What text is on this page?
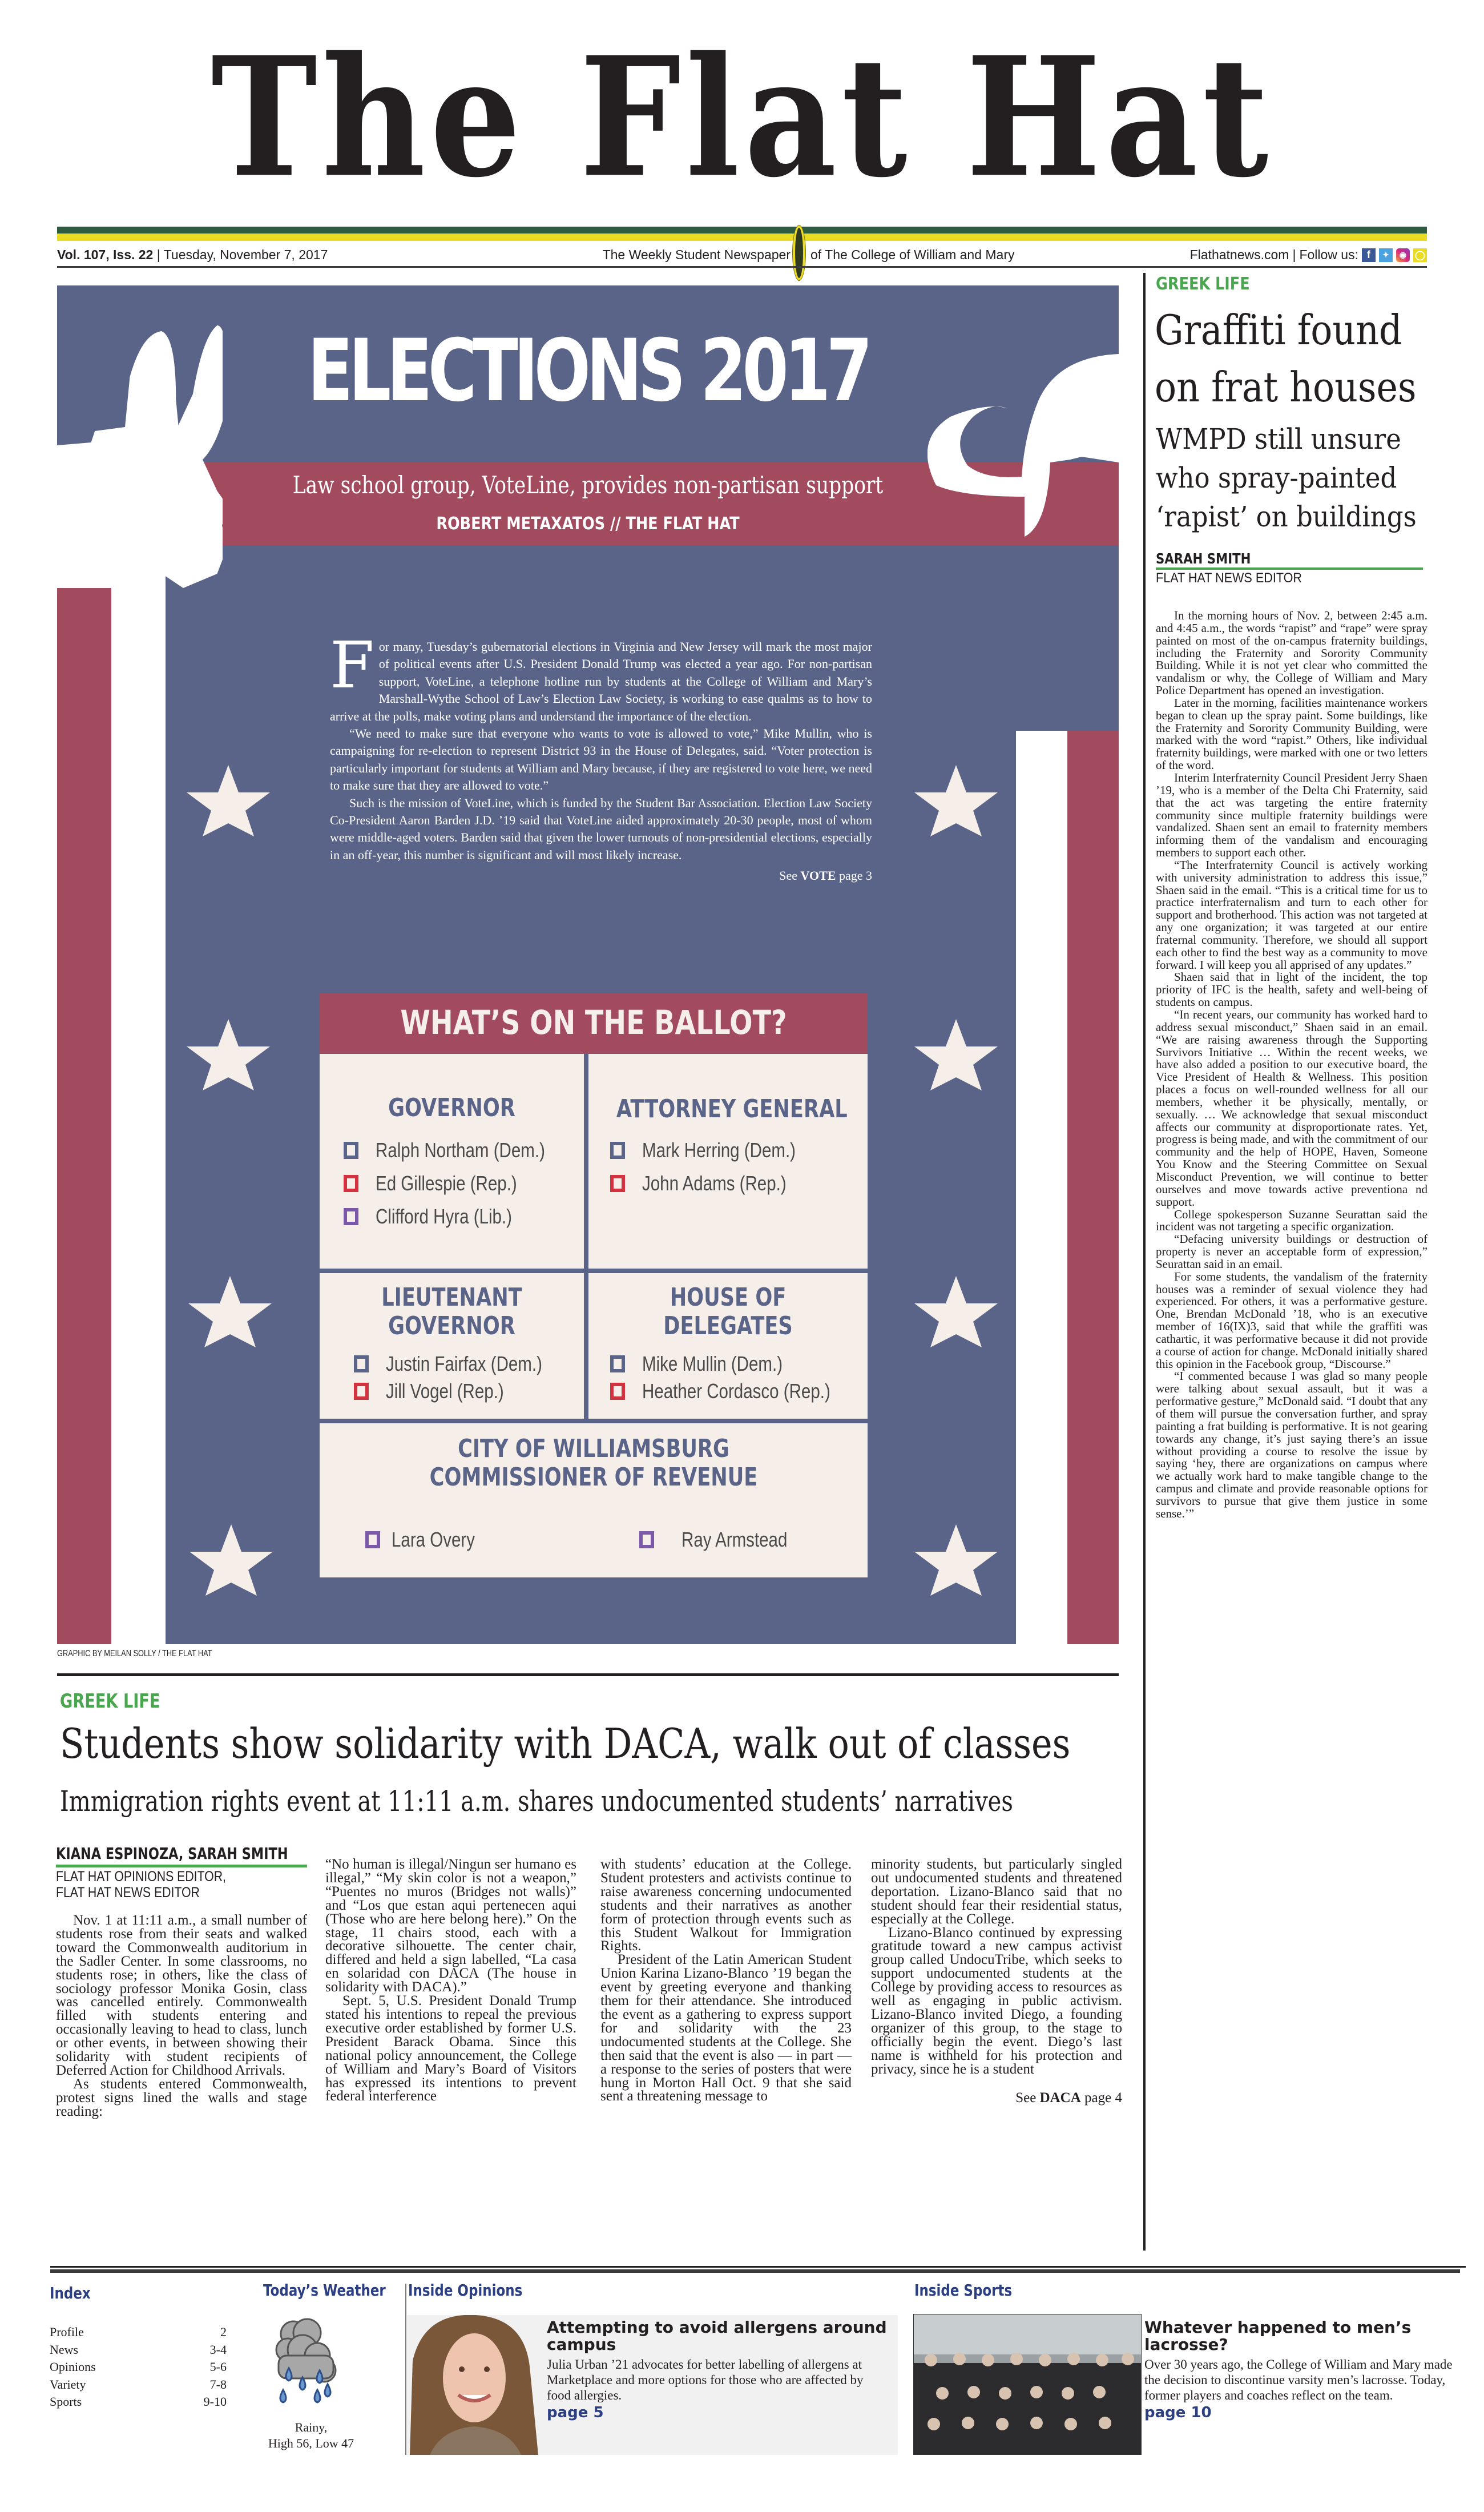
The Flat Hat
Vol. 107, Iss. 22 | Tuesday, November 7, 2017	The Weekly Student Newspaper of The College of William and Mary	Flathatnews.com | Follow us: f	✦	◉ ◯
ELECTIONS 2017
Law school group, VoteLine, provides non-partisan support
ROBERT METAXATOS // THE FLAT HAT

For many, Tuesday’s gubernatorial elections in Virginia and New Jersey will mark the most major of political events after U.S. President Donald Trump was elected a year ago. For non-partisan support, VoteLine, a telephone hotline run by students at the College of William and Mary’s Marshall-Wythe School of Law’s Election Law Society, is working to ease qualms as to how to arrive at the polls, make voting plans and understand the importance of the election.

“We need to make sure that everyone who wants to vote is allowed to vote,” Mike Mullin, who is campaigning for re-election to represent District 93 in the House of Delegates, said. “Voter protection is particularly important for students at William and Mary because, if they are registered to vote here, we need to make sure that they are allowed to vote.”

Such is the mission of VoteLine, which is funded by the Student Bar Association. Election Law Society Co-President Aaron Barden J.D. ’19 said that VoteLine aided approximately 20-30 people, most of whom were middle-aged voters. Barden said that given the lower turnouts of non-presidential elections, especially in an off-year, this number is significant and will most likely increase.

See VOTE page 3
WHAT’S ON THE BALLOT?
GOVERNOR
Ralph Northam (Dem.)
Ed Gillespie (Rep.)
Clifford Hyra (Lib.)
ATTORNEY GENERAL
Mark Herring (Dem.)
John Adams (Rep.)
LIEUTENANT
GOVERNOR
Justin Fairfax (Dem.)
Jill Vogel (Rep.)
HOUSE OF
DELEGATES
Mike Mullin (Dem.)
Heather Cordasco (Rep.)
CITY OF WILLIAMSBURG
COMMISSIONER OF REVENUE
Lara Overy	Ray Armstead
GRAPHIC BY MEILAN SOLLY / THE FLAT HAT
GREEK LIFE
Students show solidarity with DACA, walk out of classes
Immigration rights event at 11:11 a.m. shares undocumented students’ narratives
KIANA ESPINOZA, SARAH SMITH
FLAT HAT OPINIONS EDITOR,
FLAT HAT NEWS EDITOR

Nov. 1 at 11:11 a.m., a small number of students rose from their seats and walked toward the Commonwealth auditorium in the Sadler Center. In some classrooms, no students rose; in others, like the class of sociology professor Monika Gosin, class was cancelled entirely. Commonwealth filled with students entering and occasionally leaving to head to class, lunch or other events, in between showing their solidarity with student recipients of Deferred Action for Childhood Arrivals.

As students entered Commonwealth, protest signs lined the walls and stage reading:

“No human is illegal/Ningun ser humano es illegal,” “My skin color is not a weapon,” “Puentes no muros (Bridges not walls)” and “Los que estan aqui pertenecen aqui (Those who are here belong here).” On the stage, 11 chairs stood, each with a decorative silhouette. The center chair, differed and held a sign labelled, “La casa en solaridad con DACA (The house in solidarity with DACA).”

Sept. 5, U.S. President Donald Trump stated his intentions to repeal the previous executive order established by former U.S. President Barack Obama. Since this national policy announcement, the College of William and Mary’s Board of Visitors has expressed its intentions to prevent federal interference

with students’ education at the College. Student protesters and activists continue to raise awareness concerning undocumented students and their narratives as another form of protection through events such as this Student Walkout for Immigration Rights.

President of the Latin American Student Union Karina Lizano-Blanco ’19 began the event by greeting everyone and thanking them for their attendance. She introduced the event as a gathering to express support for and solidarity with the 23 undocumented students at the College. She then said that the event is also — in part — a response to the series of posters that were hung in Morton Hall Oct. 9 that she said sent a threatening message to

minority students, but particularly singled out undocumented students and threatened deportation. Lizano-Blanco said that no student should fear their residential status, especially at the College.

Lizano-Blanco continued by expressing gratitude toward a new campus activist group called UndocuTribe, which seeks to support undocumented students at the College by providing access to resources as well as engaging in public activism. Lizano-Blanco invited Diego, a founding organizer of this group, to the stage to officially begin the event. Diego’s last name is withheld for his protection and privacy, since he is a student

See DACA page 4
GREEK LIFE
Graffiti found
on frat houses
WMPD still unsure
who spray-painted
‘rapist’ on buildings
SARAH SMITH
FLAT HAT NEWS EDITOR

In the morning hours of Nov. 2, between 2:45 a.m. and 4:45 a.m., the words “rapist” and “rape” were spray painted on most of the on-campus fraternity buildings, including the Fraternity and Sorority Community Building. While it is not yet clear who committed the vandalism or why, the College of William and Mary Police Department has opened an investigation.

Later in the morning, facilities maintenance workers began to clean up the spray paint. Some buildings, like the Fraternity and Sorority Community Building, were marked with the word “rapist.” Others, like individual fraternity buildings, were marked with one or two letters of the word.

Interim Interfraternity Council President Jerry Shaen ’19, who is a member of the Delta Chi Fraternity, said that the act was targeting the entire fraternity community since multiple fraternity buildings were vandalized. Shaen sent an email to fraternity members informing them of the vandalism and encouraging members to support each other.

“The Interfraternity Council is actively working with university administration to address this issue,” Shaen said in the email. “This is a critical time for us to practice interfraternalism and turn to each other for support and brotherhood. This action was not targeted at any one organization; it was targeted at our entire fraternal community. Therefore, we should all support each other to find the best way as a community to move forward. I will keep you all apprised of any updates.”

Shaen said that in light of the incident, the top priority of IFC is the health, safety and well-being of students on campus.

“In recent years, our community has worked hard to address sexual misconduct,” Shaen said in an email. “We are raising awareness through the Supporting Survivors Initiative … Within the recent weeks, we have also added a position to our executive board, the Vice President of Health & Wellness. This position places a focus on well-rounded wellness for all our members, whether it be physically, mentally, or sexually. … We acknowledge that sexual misconduct affects our community at disproportionate rates. Yet, progress is being made, and with the commitment of our community and the help of HOPE, Haven, Someone You Know and the Steering Committee on Sexual Misconduct Prevention, we will continue to better ourselves and move towards active preventiona nd support.

College spokesperson Suzanne Seurattan said the incident was not targeting a specific organization.

“Defacing university buildings or destruction of property is never an acceptable form of expression,” Seurattan said in an email.

For some students, the vandalism of the fraternity houses was a reminder of sexual violence they had experienced. For others, it was a performative gesture. One, Brendan McDonald ’18, who is an executive member of 16(IX)3, said that while the graffiti was cathartic, it was performative because it did not provide a course of action for change. McDonald initially shared this opinion in the Facebook group, “Discourse.”

“I commented because I was glad so many people were talking about sexual assault, but it was a performative gesture,” McDonald said. “I doubt that any of them will pursue the conversation further, and spray painting a frat building is performative. It is not gearing towards any change, it’s just saying there’s an issue without providing a course to resolve the issue by saying ‘hey, there are organizations on campus where we actually work hard to make tangible change to the campus and climate and provide reasonable options for survivors to pursue that give them justice in some sense.’”

Index
Profile	2
News	3-4
Opinions	5-6
Variety	7-8
Sports	9-10
Today’s Weather
Rainy,
High 56, Low 47
Inside Opinions
Attempting to avoid allergens around campus
Julia Urban ’21 advocates for better labelling of allergens at Marketplace and more options for those who are affected by food allergies.
page 5
Inside Sports
Whatever happened to men’s lacrosse?
Over 30 years ago, the College of William and Mary made the decision to discontinue varsity men’s lacrosse. Today, former players and coaches reflect on the team.
page 10
